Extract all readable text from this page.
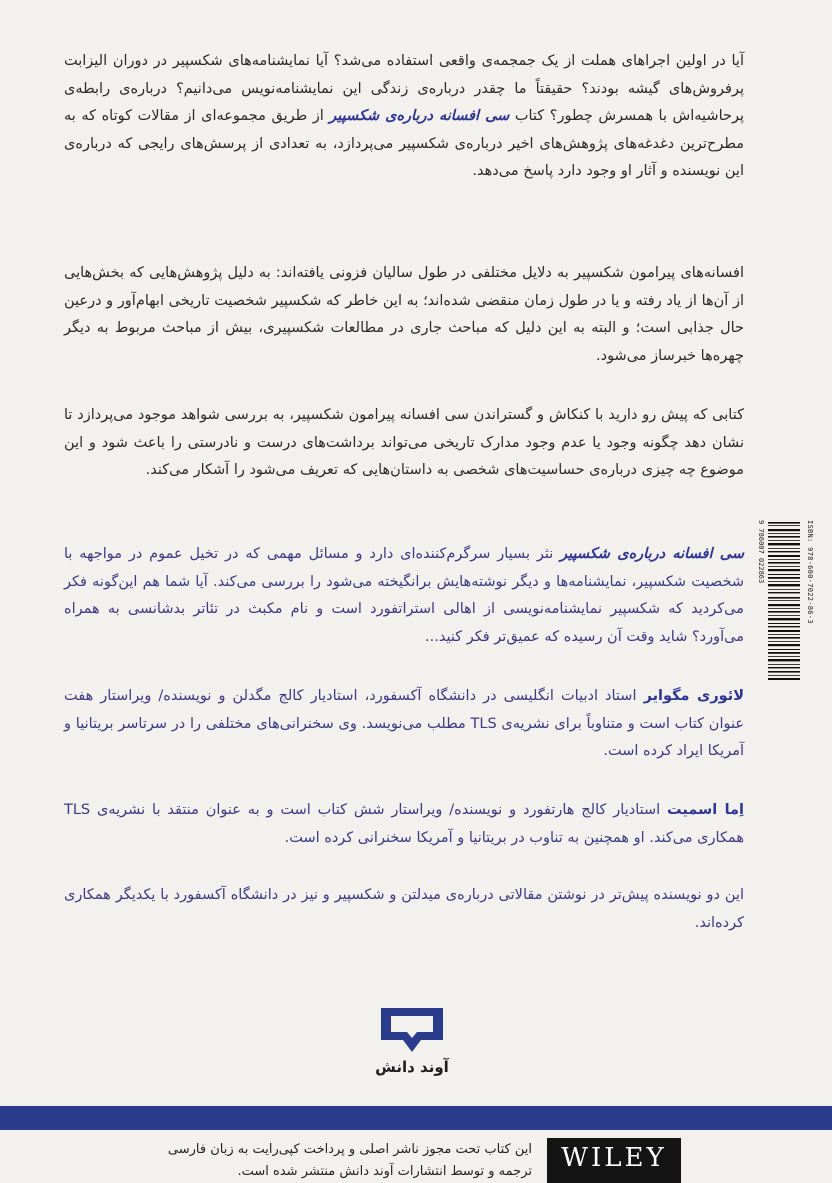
آیا در اولین اجراهای هملت از یک جمجمه‌ی واقعی استفاده می‌شد؟ آیا نمایشنامه‌های شکسپیر در دوران الیزابت پرفروش‌های گیشه بودند؟ حقیقتاً ما چقدر درباره‌ی زندگی این نمایشنامه‌نویس می‌دانیم؟ درباره‌ی رابطه‌ی پرحاشیه‌اش با همسرش چطور؟ کتاب سی افسانه درباره‌ی شکسپیر از طریق مجموعه‌ای از مقالات کوتاه که به مطرح‌ترین دغدغه‌های پژوهش‌های اخیر درباره‌ی شکسپیر می‌پردازد، به تعدادی از پرسش‌های رایجی که درباره‌ی این نویسنده و آثار او وجود دارد پاسخ می‌دهد.

افسانه‌های پیرامون شکسپیر به دلایل مختلفی در طول سالیان فزونی یافته‌اند: به دلیل پژوهش‌هایی که بخش‌هایی از آن‌ها از یاد رفته و یا در طول زمان منقضی شده‌اند؛ به این خاطر که شکسپیر شخصیت تاریخی ابهام‌آور و درعین حال جذابی است؛ و البته به این دلیل که مباحث جاری در مطالعات شکسپیری، بیش از مباحث مربوط به دیگر چهره‌ها خبرساز می‌شود.

کتابی که پیش رو دارید با کنکاش و گستراندن سی افسانه پیرامون شکسپیر، به بررسی شواهد موجود می‌پردازد تا نشان دهد چگونه وجود یا عدم وجود مدارک تاریخی می‌تواند برداشت‌های درست و نادرستی را باعث شود و این موضوع چه چیزی درباره‌ی حساسیت‌های شخصی به داستان‌هایی که تعریف می‌شود را آشکار می‌کند.

سی افسانه درباره‌ی شکسپیر نثر بسیار سرگرم‌کننده‌ای دارد و مسائل مهمی که در تخیل عموم در مواجهه با شخصیت شکسپیر، نمایشنامه‌ها و دیگر نوشته‌هایش برانگیخته می‌شود را بررسی می‌کند. آیا شما هم این‌گونه فکر می‌کردید که شکسپیر نمایشنامه‌نویسی از اهالی استراتفورد است و نام مکبث در تئاتر بدشانسی به همراه می‌آورد؟ شاید وقت آن رسیده که عمیق‌تر فکر کنید...

لائوری مگوایر استاد ادبیات انگلیسی در دانشگاه آکسفورد، استادیار کالج مگدلن و نویسنده/ ویراستار هفت عنوان کتاب است و متناوباً برای نشریه‌ی TLS مطلب می‌نویسد. وی سخنرانی‌های مختلفی را در سرتاسر بریتانیا و آمریکا ایراد کرده است.

اِما اسمیت استادیار کالج هارتفورد و نویسنده/ ویراستار شش کتاب است و به عنوان منتقد با نشریه‌ی TLS همکاری می‌کند. او همچنین به تناوب در بریتانیا و آمریکا سخنرانی کرده است.

این دو نویسنده پیش‌تر در نوشتن مقالاتی درباره‌ی میدلتن و شکسپیر و نیز در دانشگاه آکسفورد با یکدیگر همکاری کرده‌اند.

9 786007 022863	ISBN: 978-600-7022-86-3
آوند دانش
WILEY

این کتاب تحت مجوز ناشر اصلی و پرداخت کپی‌رایت به زبان فارسی ترجمه و توسط انتشارات آوند دانش منتشر شده است.
